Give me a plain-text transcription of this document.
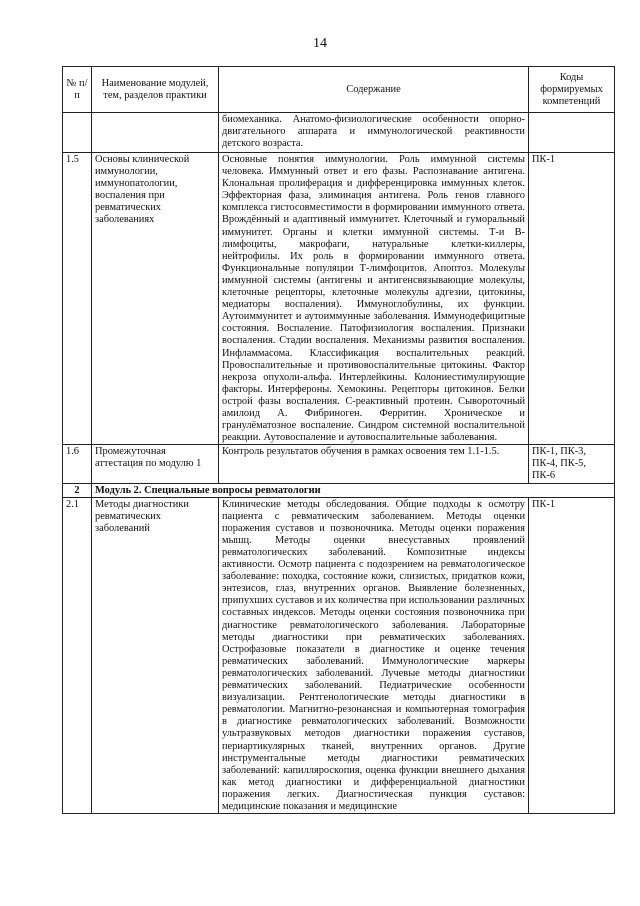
14
№ п/п	Наименование модулей, тем, разделов практики	Содержание	Коды формируемых компетенций
		биомеханика. Анатомо-физиологические особенности опорно-двигательного аппарата и иммунологической реактивности детского возраста.	
1.5	Основы клинической иммунологии, иммунопатологии, воспаления при ревматических заболеваниях	Основные понятия иммунологии. Роль иммунной системы человека. Иммунный ответ и его фазы. Распознавание антигена. Клональная пролиферация и дифференцировка иммунных клеток. Эффекторная фаза, элиминация антигена. Роль генов главного комплекса гистосовместимости в формировании иммунного ответа. Врождённый и адаптивный иммунитет. Клеточный и гуморальный иммунитет. Органы и клетки иммунной системы. Т-и В-лимфоциты, макрофаги, натуральные клетки-киллеры, нейтрофилы. Их роль в формировании иммунного ответа. Функциональные популяции Т-лимфоцитов. Апоптоз. Молекулы иммунной системы (антигены и антигенсвязывающие молекулы, клеточные рецепторы, клеточные молекулы адгезии, цитокины, медиаторы воспаления). Иммуноглобулины, их функции. Аутоиммунитет и аутоиммунные заболевания. Иммунодефицитные состояния. Воспаление. Патофизиология воспаления. Признаки воспаления. Стадии воспаления. Механизмы развития воспаления. Инфламмасома. Классификация воспалительных реакций. Провоспалительные и противовоспалительные цитокины. Фактор некроза опухоли-альфа. Интерлейкины. Колониестимулирующие факторы. Интерфероны. Хемокины. Рецепторы цитокинов. Белки острой фазы воспаления. С-реактивный протеин. Сывороточный амилоид А. Фибриноген. Ферритин. Хроническое и гранулёматозное воспаление. Синдром системной воспалительной реакции. Аутовоспаление и аутовоспалительные заболевания.	ПК-1
1.6	Промежуточная аттестация по модулю 1	Контроль результатов обучения в рамках освоения тем 1.1-1.5.	ПК-1, ПК-3, ПК-4, ПК-5, ПК-6
2	Модуль 2. Специальные вопросы ревматологии		
2.1	Методы диагностики ревматических заболеваний	Клинические методы обследования. Общие подходы к осмотру пациента с ревматическим заболеванием. Методы оценки поражения суставов и позвоночника. Методы оценки поражения мышц. Методы оценки внесуставных проявлений ревматологических заболеваний. Композитные индексы активности. Осмотр пациента с подозрением на ревматологическое заболевание: походка, состояние кожи, слизистых, придатков кожи, энтезисов, глаз, внутренних органов. Выявление болезненных, припухших суставов и их количества при использовании различных составных индексов. Методы оценки состояния позвоночника при диагностике ревматологического заболевания. Лабораторные методы диагностики при ревматических заболеваниях. Острофазовые показатели в диагностике и оценке течения ревматических заболеваний. Иммунологические маркеры ревматологических заболеваний. Лучевые методы диагностики ревматических заболеваний. Педиатрические особенности визуализации. Рентгенологические методы диагностики в ревматологии. Магнитно-резонансная и компьютерная томография в диагностике ревматологических заболеваний. Возможности ультразвуковых методов диагностики поражения суставов, периартикулярных тканей, внутренних органов. Другие инструментальные методы диагностики ревматических заболеваний: капилляроскопия, оценка функции внешнего дыхания как метод диагностики и дифференциальной диагностики поражения легких. Диагностическая пункция суставов: медицинские показания и медицинские	ПК-1
